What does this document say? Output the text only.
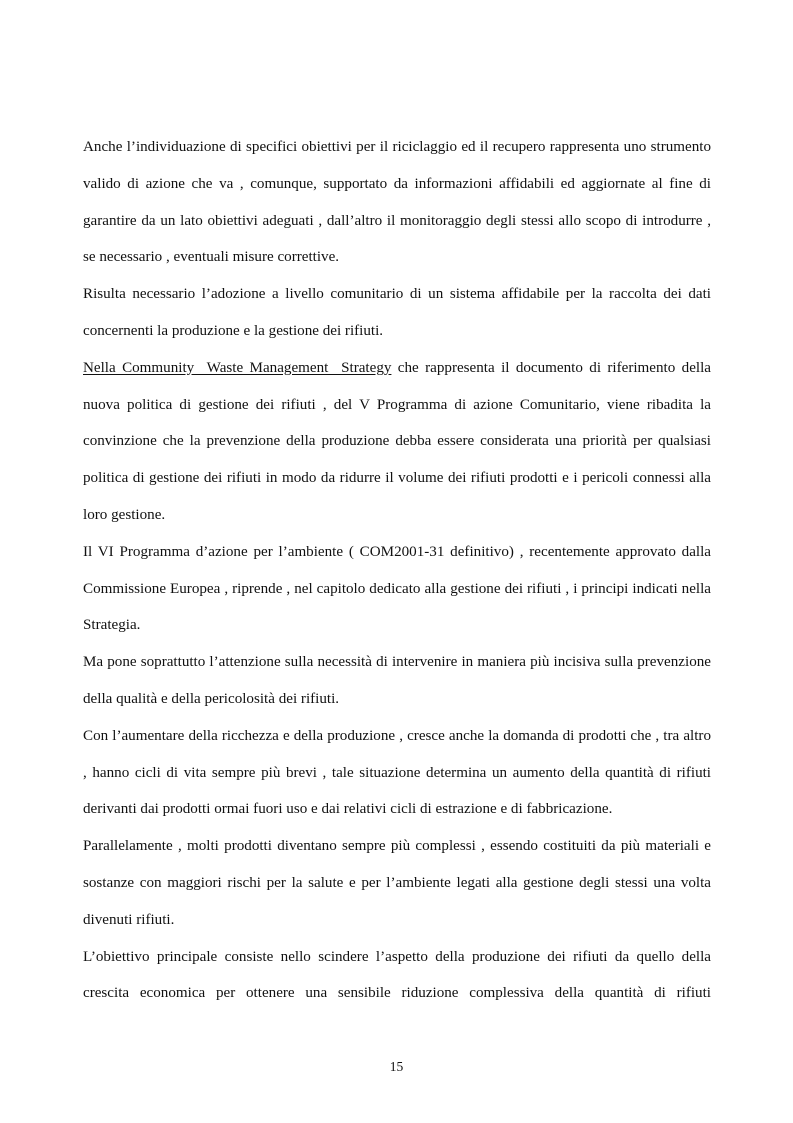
Anche l’individuazione di specifici obiettivi per il riciclaggio ed il recupero rappresenta uno strumento valido di azione che va , comunque, supportato da informazioni affidabili ed aggiornate al fine di garantire da un lato obiettivi adeguati , dall’altro il monitoraggio degli stessi allo scopo di introdurre , se necessario , eventuali misure correttive.

Risulta necessario l’adozione a livello comunitario di un sistema affidabile per la raccolta dei dati concernenti la produzione e la gestione dei rifiuti.

Nella Community  Waste Management  Strategy che rappresenta il documento di riferimento della nuova politica di gestione dei rifiuti , del V Programma di azione Comunitario, viene ribadita la convinzione che la prevenzione della produzione debba essere considerata una priorità per qualsiasi politica di gestione dei rifiuti in modo da ridurre il volume dei rifiuti prodotti e i pericoli connessi alla loro gestione.

Il VI Programma d’azione per l’ambiente ( COM2001-31 definitivo) , recentemente approvato dalla Commissione Europea , riprende , nel capitolo dedicato alla gestione dei rifiuti , i principi indicati nella Strategia.

Ma pone soprattutto l’attenzione sulla necessità di intervenire in maniera più incisiva sulla prevenzione della qualità e della pericolosità dei rifiuti.

Con l’aumentare della ricchezza e della produzione , cresce anche la domanda di prodotti che , tra altro , hanno cicli di vita sempre più brevi , tale situazione determina un aumento della quantità di rifiuti derivanti dai prodotti ormai fuori uso e dai relativi cicli di estrazione e di fabbricazione.

Parallelamente , molti prodotti diventano sempre più complessi , essendo costituiti da più materiali e sostanze con maggiori rischi per la salute e per l’ambiente legati alla gestione degli stessi una volta divenuti rifiuti.

L’obiettivo principale consiste nello scindere l’aspetto della produzione dei rifiuti da quello della crescita economica per ottenere una sensibile riduzione complessiva della quantità di rifiuti

15
